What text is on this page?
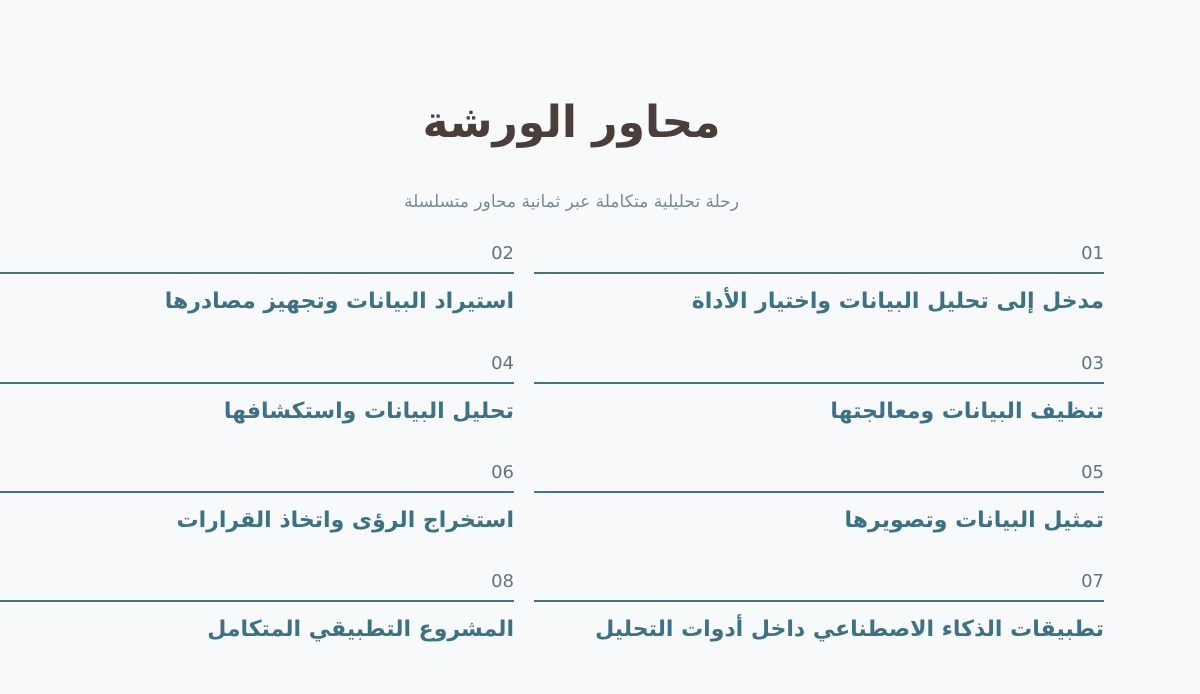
محاور الورشة

رحلة تحليلية متكاملة عبر ثمانية محاور متسلسلة

01
مدخل إلى تحليل البيانات واختيار الأداة
02
استيراد البيانات وتجهيز مصادرها
03
تنظيف البيانات ومعالجتها
04
تحليل البيانات واستكشافها
05
تمثيل البيانات وتصويرها
06
استخراج الرؤى واتخاذ القرارات
07
تطبيقات الذكاء الاصطناعي داخل أدوات التحليل
08
المشروع التطبيقي المتكامل
